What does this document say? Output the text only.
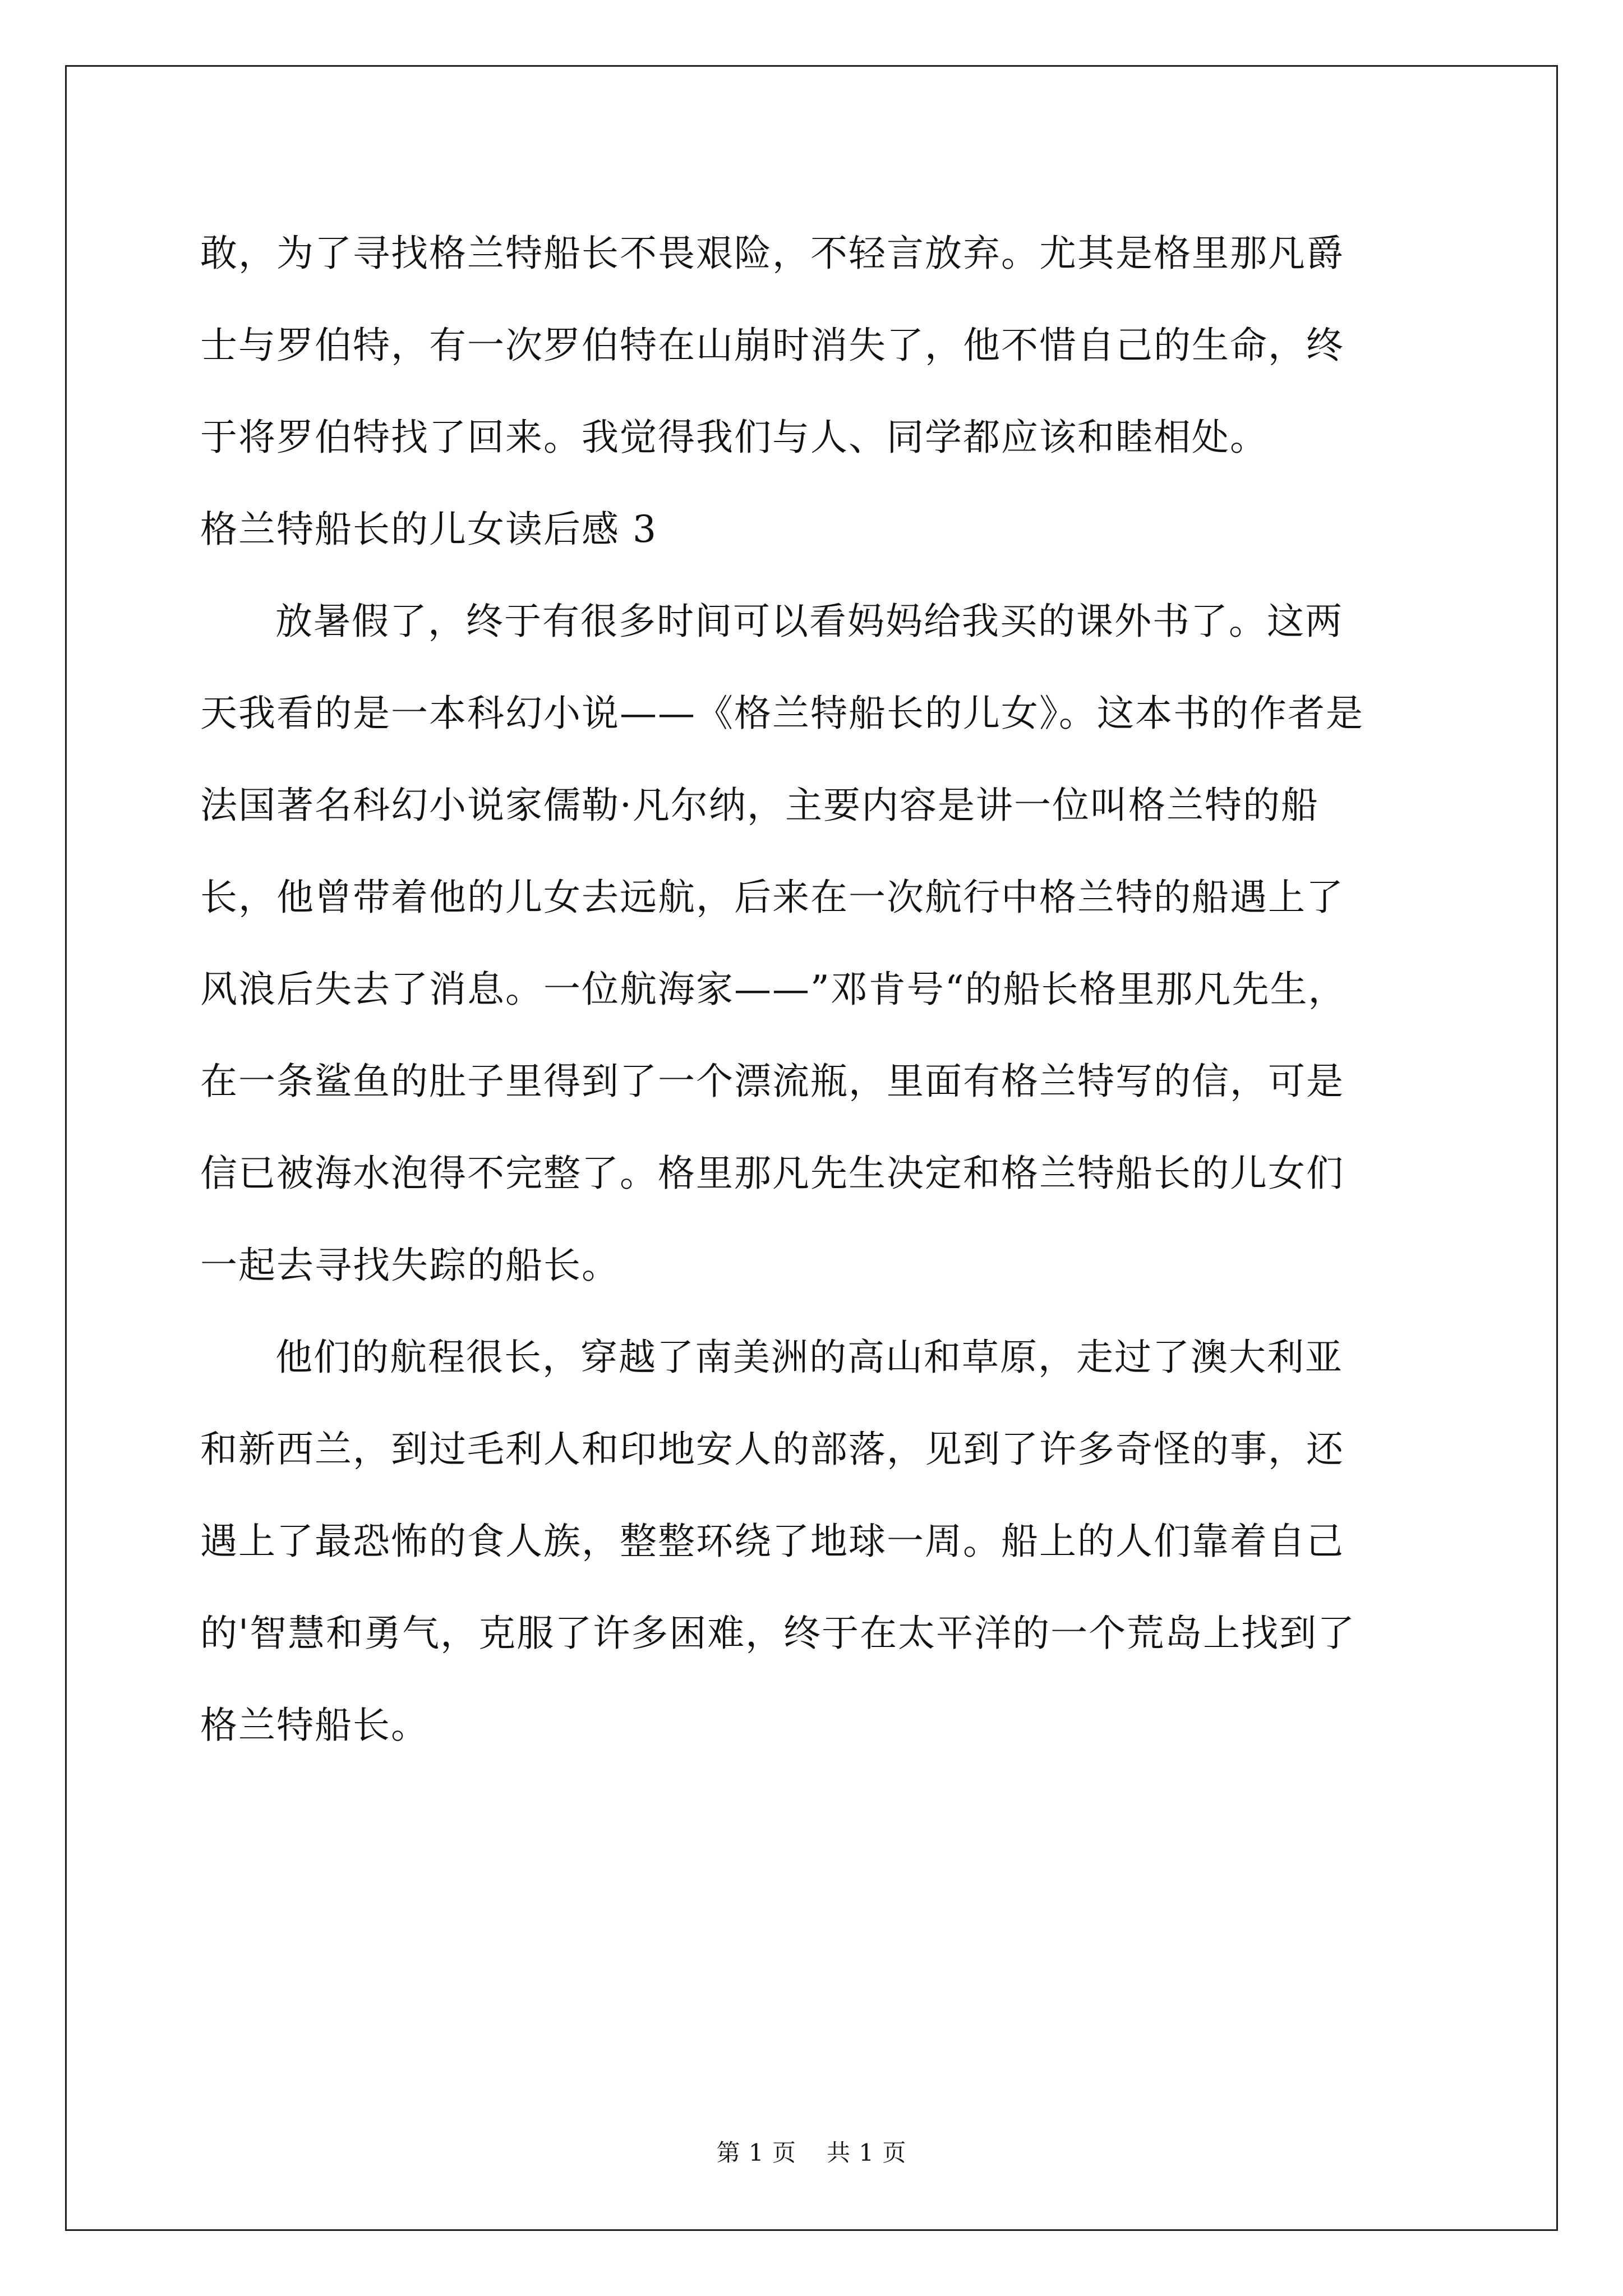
敢，为了寻找格兰特船长不畏艰险，不轻言放弃。尤其是格里那凡爵
士与罗伯特，有一次罗伯特在山崩时消失了，他不惜自己的生命，终
于将罗伯特找了回来。我觉得我们与人、同学都应该和睦相处。
格兰特船长的儿女读后感 3
放暑假了，终于有很多时间可以看妈妈给我买的课外书了。这两
天我看的是一本科幻小说——《格兰特船长的儿女》。这本书的作者是
法国著名科幻小说家儒勒·凡尔纳，主要内容是讲一位叫格兰特的船
长，他曾带着他的儿女去远航，后来在一次航行中格兰特的船遇上了
风浪后失去了消息。一位航海家——”邓肯号“的船长格里那凡先生，
在一条鲨鱼的肚子里得到了一个漂流瓶，里面有格兰特写的信，可是
信已被海水泡得不完整了。格里那凡先生决定和格兰特船长的儿女们
一起去寻找失踪的船长。
他们的航程很长，穿越了南美洲的高山和草原，走过了澳大利亚
和新西兰，到过毛利人和印地安人的部落，见到了许多奇怪的事，还
遇上了最恐怖的食人族，整整环绕了地球一周。船上的人们靠着自己
的'智慧和勇气，克服了许多困难，终于在太平洋的一个荒岛上找到了
格兰特船长。
第 1 页 共 1 页
